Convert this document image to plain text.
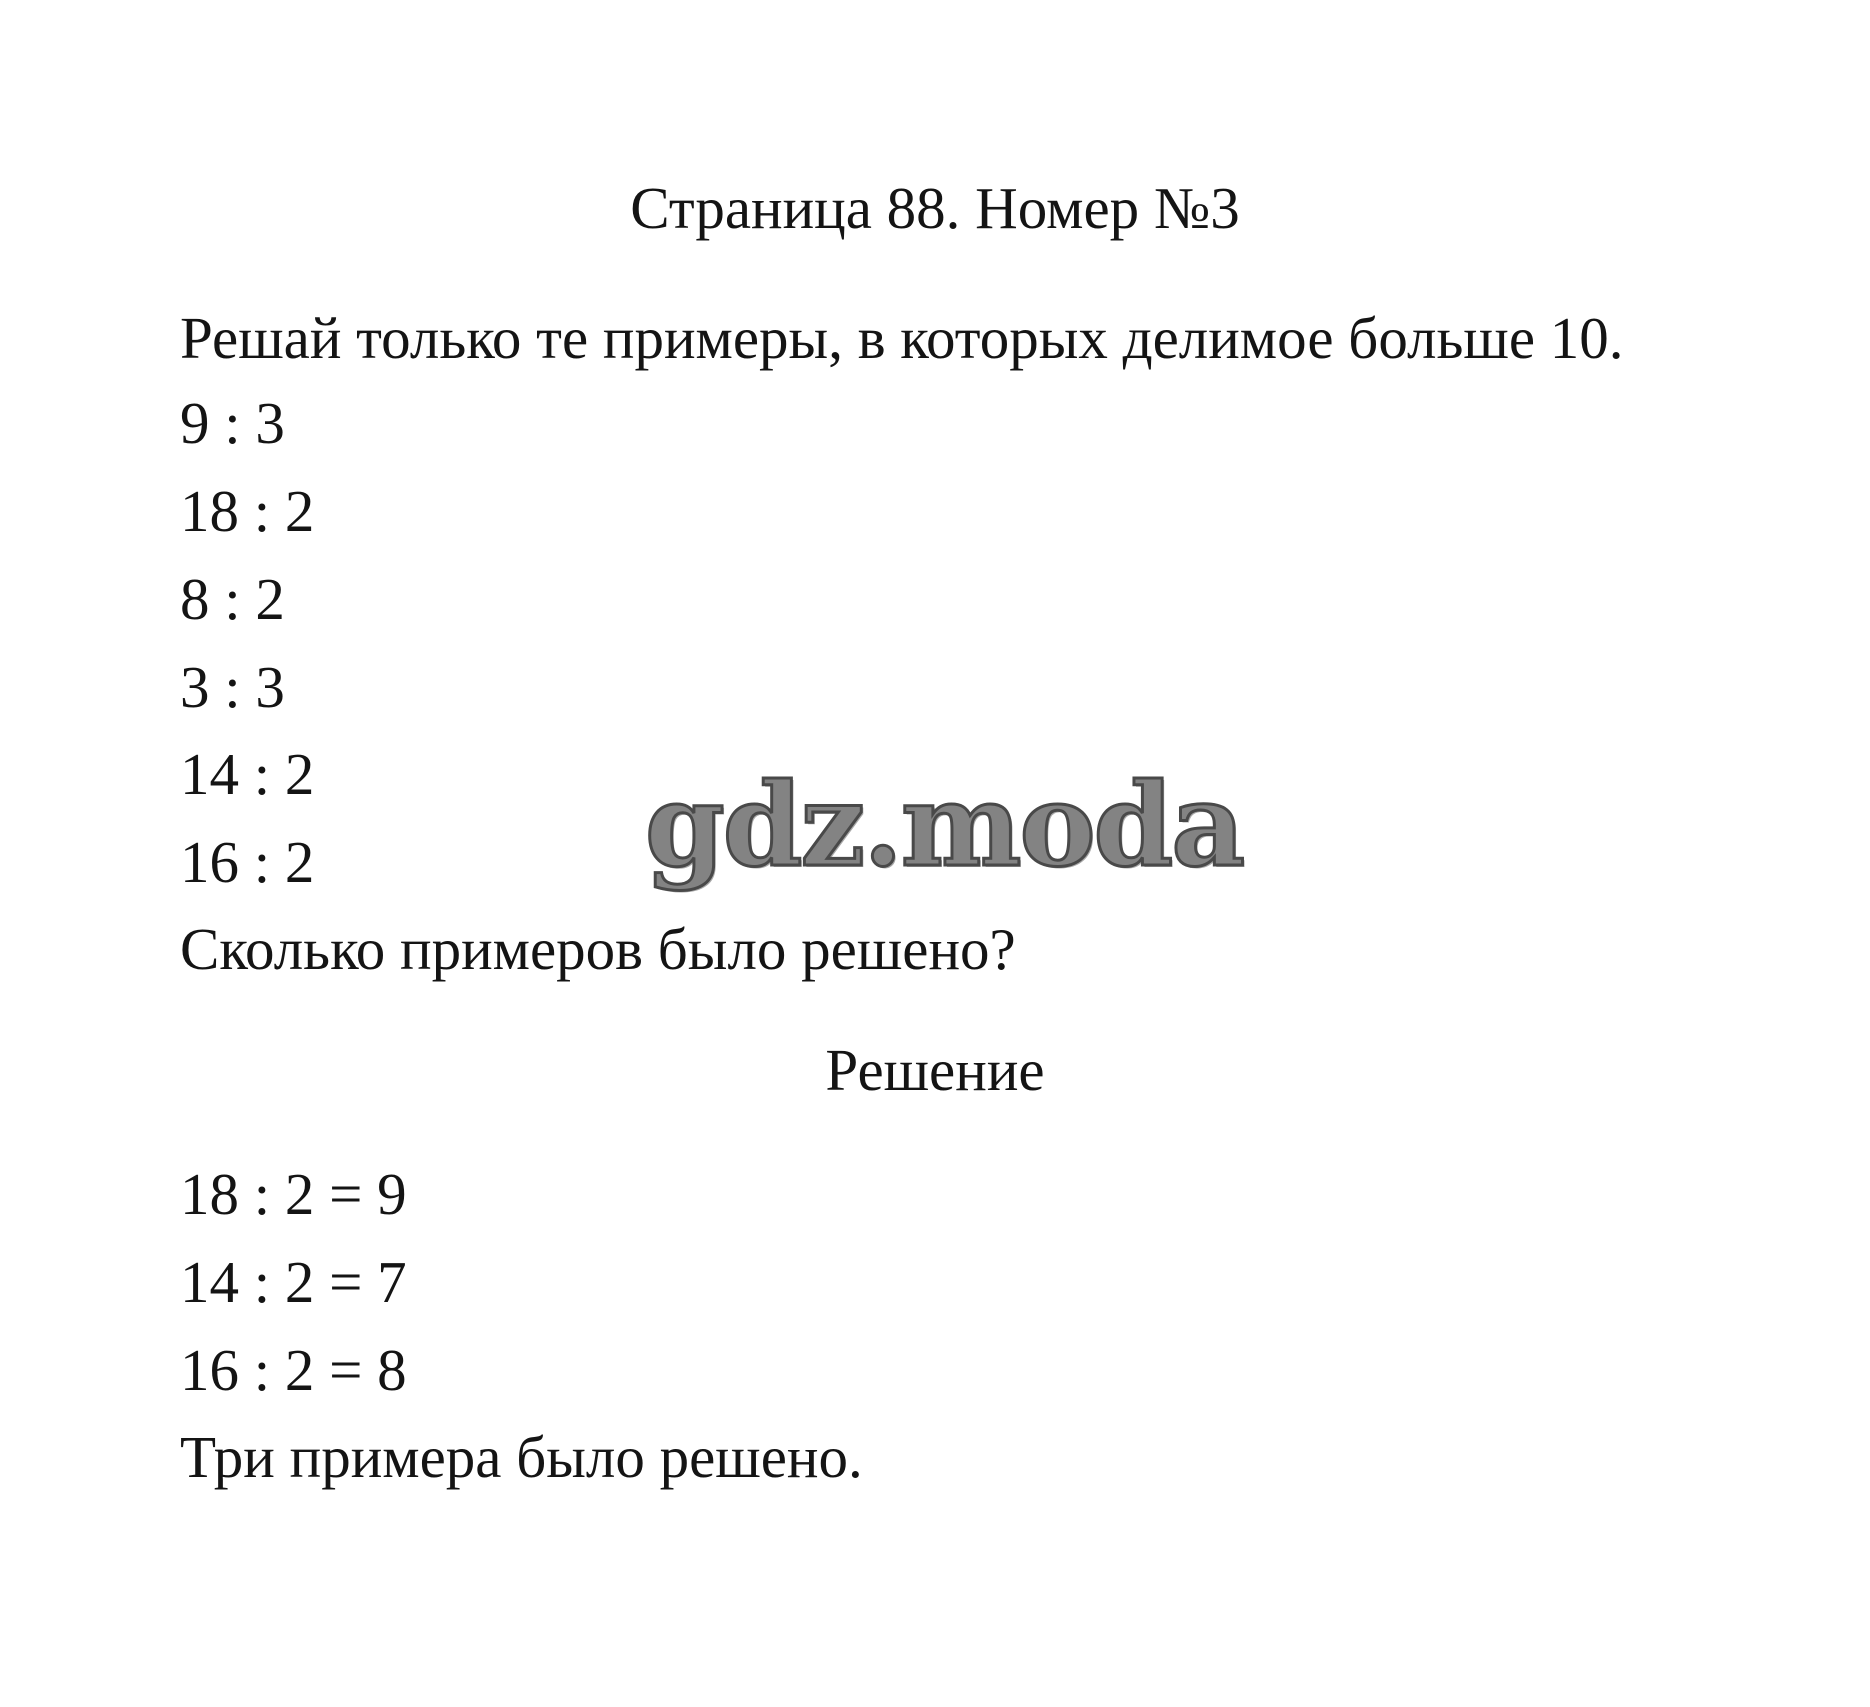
Страница 88. Номер №3
Решай только те примеры, в которых делимое больше 10.
9 : 3
18 : 2
8 : 2
3 : 3
14 : 2
16 : 2
Сколько примеров было решено?
Решение
18 : 2 = 9
14 : 2 = 7
16 : 2 = 8
Три примера было решено.
gdz.moda
